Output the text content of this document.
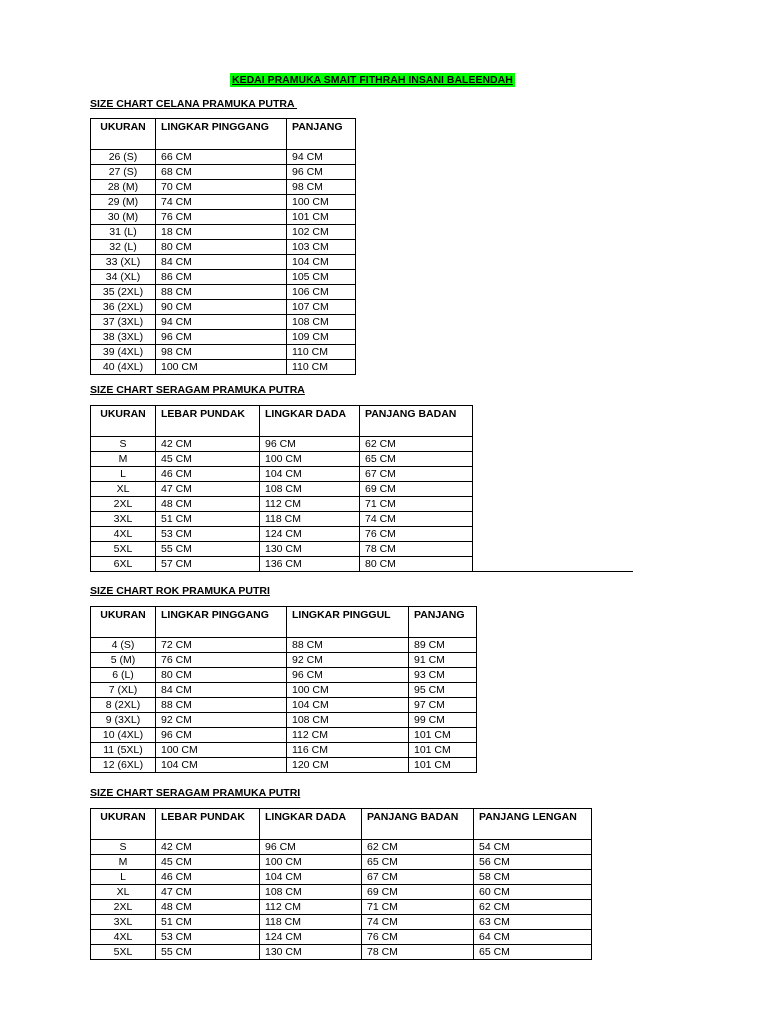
KEDAI PRAMUKA SMAIT FITHRAH INSANI BALEENDAH
SIZE CHART CELANA PRAMUKA PUTRA
UKURAN	LINGKAR PINGGANG	PANJANG
26 (S)	66 CM	94 CM
27 (S)	68 CM	96 CM
28 (M)	70 CM	98 CM
29 (M)	74 CM	100 CM
30 (M)	76 CM	101 CM
31 (L)	18 CM	102 CM
32 (L)	80 CM	103 CM
33 (XL)	84 CM	104 CM
34 (XL)	86 CM	105 CM
35 (2XL)	88 CM	106 CM
36 (2XL)	90 CM	107 CM
37 (3XL)	94 CM	108 CM
38 (3XL)	96 CM	109 CM
39 (4XL)	98 CM	110 CM
40 (4XL)	100 CM	110 CM
SIZE CHART SERAGAM PRAMUKA PUTRA
UKURAN	LEBAR PUNDAK	LINGKAR DADA	PANJANG BADAN
S	42 CM	96 CM	62 CM
M	45 CM	100 CM	65 CM
L	46 CM	104 CM	67 CM
XL	47 CM	108 CM	69 CM
2XL	48 CM	112 CM	71 CM
3XL	51 CM	118 CM	74 CM
4XL	53 CM	124 CM	76 CM
5XL	55 CM	130 CM	78 CM
6XL	57 CM	136 CM	80 CM
SIZE CHART ROK PRAMUKA PUTRI
UKURAN	LINGKAR PINGGANG	LINGKAR PINGGUL	PANJANG
4 (S)	72 CM	88 CM	89 CM
5 (M)	76 CM	92 CM	91 CM
6 (L)	80 CM	96 CM	93 CM
7 (XL)	84 CM	100 CM	95 CM
8 (2XL)	88 CM	104 CM	97 CM
9 (3XL)	92 CM	108 CM	99 CM
10 (4XL)	96 CM	112 CM	101 CM
11 (5XL)	100 CM	116 CM	101 CM
12 (6XL)	104 CM	120 CM	101 CM
SIZE CHART SERAGAM PRAMUKA PUTRI
UKURAN	LEBAR PUNDAK	LINGKAR DADA	PANJANG BADAN	PANJANG LENGAN
S	42 CM	96 CM	62 CM	54 CM
M	45 CM	100 CM	65 CM	56 CM
L	46 CM	104 CM	67 CM	58 CM
XL	47 CM	108 CM	69 CM	60 CM
2XL	48 CM	112 CM	71 CM	62 CM
3XL	51 CM	118 CM	74 CM	63 CM
4XL	53 CM	124 CM	76 CM	64 CM
5XL	55 CM	130 CM	78 CM	65 CM
